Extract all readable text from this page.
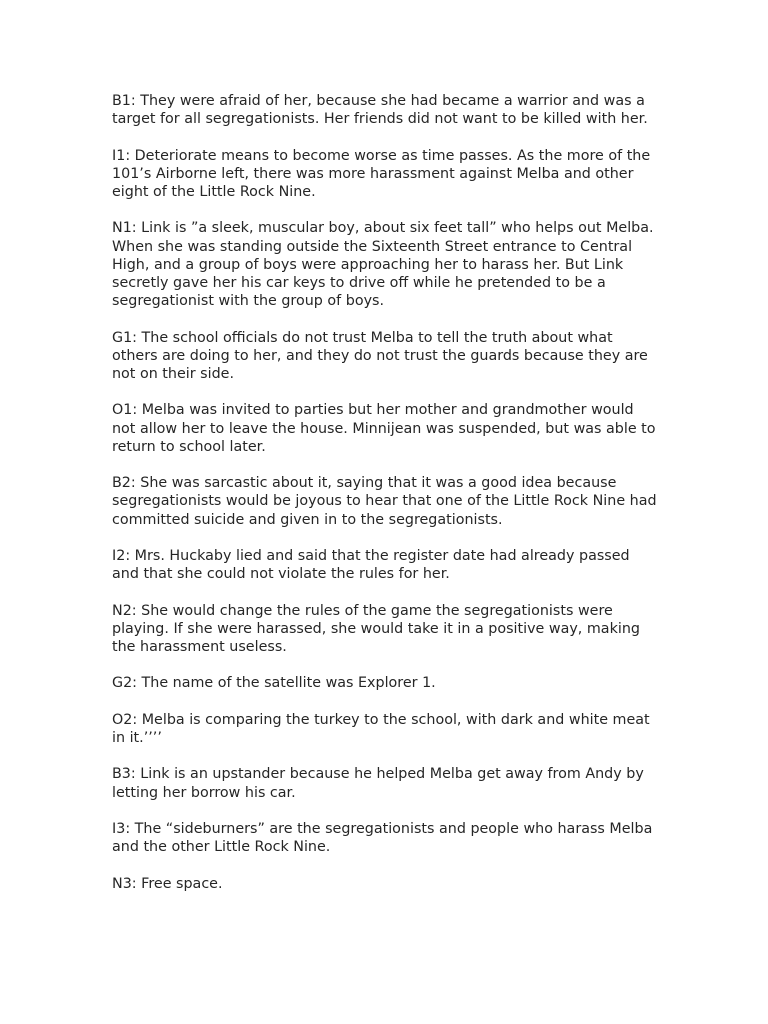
B1: They were afraid of her, because she had became a warrior and was a target for all segregationists. Her friends did not want to be killed with her.

I1: Deteriorate means to become worse as time passes. As the more of the 101’s Airborne left, there was more harassment against Melba and other eight of the Little Rock Nine.

N1: Link is ”a sleek, muscular boy, about six feet tall” who helps out Melba. When she was standing outside the Sixteenth Street entrance to Central High, and a group of boys were approaching her to harass her. But Link secretly gave her his car keys to drive off while he pretended to be a segregationist with the group of boys.

G1: The school officials do not trust Melba to tell the truth about what others are doing to her, and they do not trust the guards because they are not on their side.

O1: Melba was invited to parties but her mother and grandmother would not allow her to leave the house. Minnijean was suspended, but was able to return to school later.

B2: She was sarcastic about it, saying that it was a good idea because segregationists would be joyous to hear that one of the Little Rock Nine had committed suicide and given in to the segregationists.

I2: Mrs. Huckaby lied and said that the register date had already passed and that she could not violate the rules for her.

N2: She would change the rules of the game the segregationists were playing. If she were harassed, she would take it in a positive way, making the harassment useless.

G2: The name of the satellite was Explorer 1.

O2: Melba is comparing the turkey to the school, with dark and white meat in it.’’’’

B3: Link is an upstander because he helped Melba get away from Andy by letting her borrow his car.

I3: The “sideburners” are the segregationists and people who harass Melba and the other Little Rock Nine.

N3: Free space.
